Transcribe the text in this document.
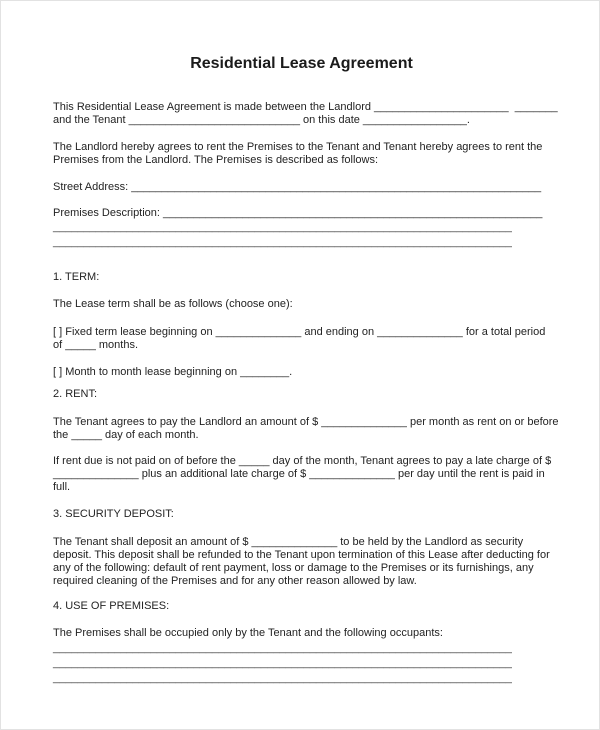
Residential Lease Agreement
This Residential Lease Agreement is made between the Landlord ______________________  _______
and the Tenant ____________________________ on this date _________________.
The Landlord hereby agrees to rent the Premises to the Tenant and Tenant hereby agrees to rent the
Premises from the Landlord. The Premises is described as follows:
Street Address: ___________________________________________________________________
Premises Description: ______________________________________________________________
___________________________________________________________________________
___________________________________________________________________________
1. TERM:
The Lease term shall be as follows (choose one):
[ ] Fixed term lease beginning on ______________ and ending on ______________ for a total period
of _____ months.
[ ] Month to month lease beginning on ________.
2. RENT:
The Tenant agrees to pay the Landlord an amount of $ ______________ per month as rent on or before
the _____ day of each month.
If rent due is not paid on of before the _____ day of the month, Tenant agrees to pay a late charge of $
______________ plus an additional late charge of $ ______________ per day until the rent is paid in
full.
3. SECURITY DEPOSIT:
The Tenant shall deposit an amount of $ ______________ to be held by the Landlord as security
deposit. This deposit shall be refunded to the Tenant upon termination of this Lease after deducting for
any of the following: default of rent payment, loss or damage to the Premises or its furnishings, any
required cleaning of the Premises and for any other reason allowed by law.
4. USE OF PREMISES:
The Premises shall be occupied only by the Tenant and the following occupants:
___________________________________________________________________________
___________________________________________________________________________
___________________________________________________________________________
